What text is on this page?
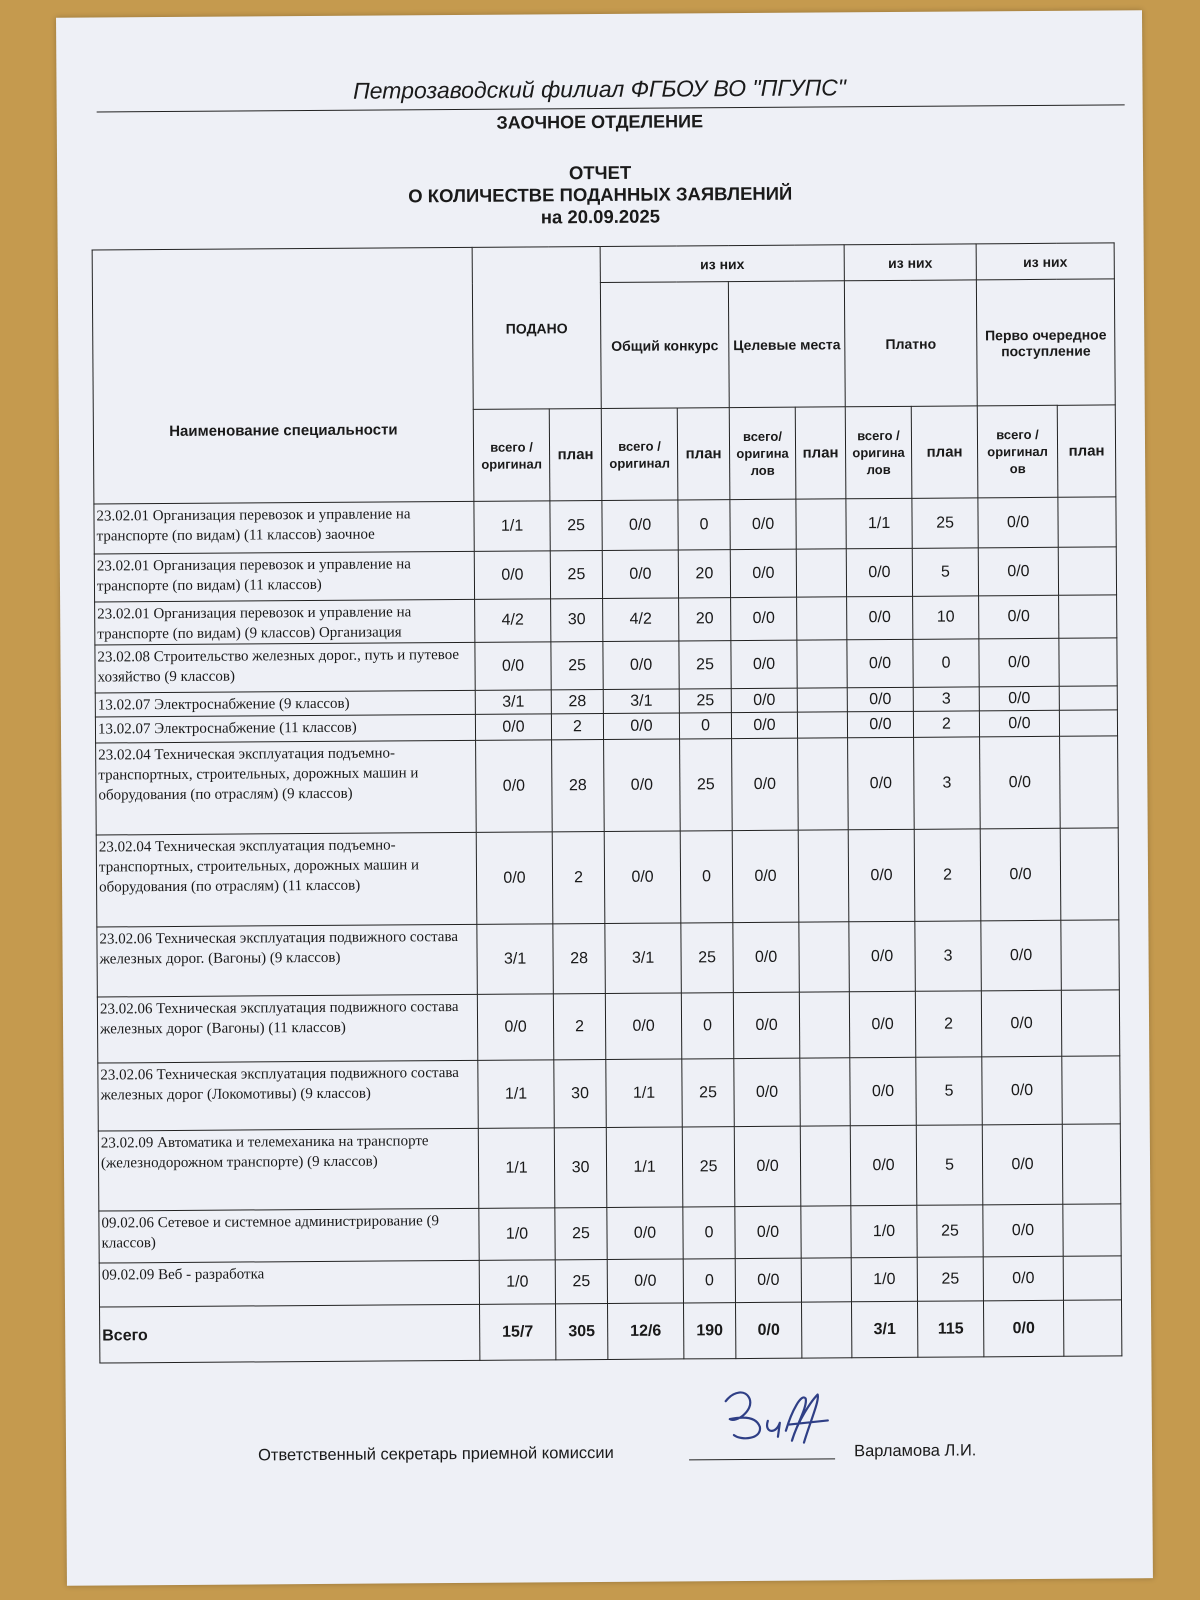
Петрозаводский филиал ФГБОУ ВО "ПГУПС"
ЗАОЧНОЕ ОТДЕЛЕНИЕ
ОТЧЕТ
О КОЛИЧЕСТВЕ ПОДАННЫХ ЗАЯВЛЕНИЙ
на 20.09.2025
Наименование специальности	ПОДАНО		из них				из них		из них	
			Общий конкурс		Целевые места		Платно		Перво очередное поступление	
	всего / оригинал	план	всего / оригинал	план	всего/ оригина лов	план	всего / оригина лов	план	всего / оригинал ов	план
23.02.01 Организация перевозок и управление на транспорте (по видам) (11 классов) заочное	1/1	25	0/0	0	0/0		1/1	25	0/0	
23.02.01 Организация перевозок и управление на транспорте (по видам) (11 классов)	0/0	25	0/0	20	0/0		0/0	5	0/0	
23.02.01 Организация перевозок и управление на транспорте (по видам) (9 классов) Организация	4/2	30	4/2	20	0/0		0/0	10	0/0	
23.02.08 Строительство железных дорог., путь и путевое хозяйство (9 классов)	0/0	25	0/0	25	0/0		0/0	0	0/0	
13.02.07 Электроснабжение (9 классов)	3/1	28	3/1	25	0/0		0/0	3	0/0	
13.02.07 Электроснабжение (11 классов)	0/0	2	0/0	0	0/0		0/0	2	0/0	
23.02.04 Техническая эксплуатация подъемно-транспортных, строительных, дорожных машин и оборудования (по отраслям) (9 классов)	0/0	28	0/0	25	0/0		0/0	3	0/0	
23.02.04 Техническая эксплуатация подъемно-транспортных, строительных, дорожных машин и оборудования (по отраслям) (11 классов)	0/0	2	0/0	0	0/0		0/0	2	0/0	
23.02.06 Техническая эксплуатация подвижного состава железных дорог. (Вагоны) (9 классов)	3/1	28	3/1	25	0/0		0/0	3	0/0	
23.02.06 Техническая эксплуатация подвижного состава железных дорог (Вагоны) (11 классов)	0/0	2	0/0	0	0/0		0/0	2	0/0	
23.02.06 Техническая эксплуатация подвижного состава железных дорог (Локомотивы) (9 классов)	1/1	30	1/1	25	0/0		0/0	5	0/0	
23.02.09 Автоматика и телемеханика на транспорте (железнодорожном транспорте) (9 классов)	1/1	30	1/1	25	0/0		0/0	5	0/0	
09.02.06 Сетевое и системное администрирование (9 классов)	1/0	25	0/0	0	0/0		1/0	25	0/0	
09.02.09 Веб - разработка	1/0	25	0/0	0	0/0		1/0	25	0/0	
Всего	15/7	305	12/6	190	0/0		3/1	115	0/0	
Ответственный секретарь приемной комиссии	Варламова Л.И.
